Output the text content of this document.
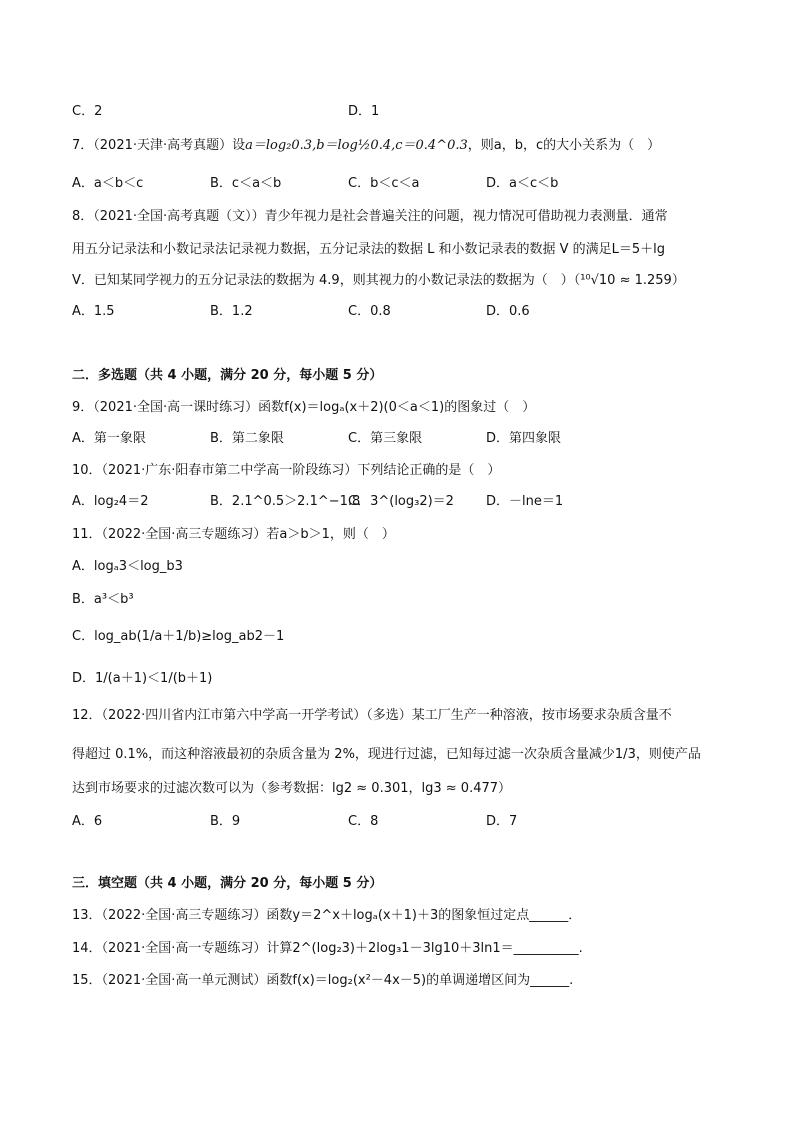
C．2	D．1
7．（2021·天津·高考真题）设a＝log₂0.3,b＝log½0.4,c＝0.4^0.3，则a，b，c的大小关系为（　）
A．a＜b＜c	B．c＜a＜b	C．b＜c＜a	D．a＜c＜b
8．（2021·全国·高考真题（文））青少年视力是社会普遍关注的问题，视力情况可借助视力表测量．通常
用五分记录法和小数记录法记录视力数据，五分记录法的数据 L 和小数记录表的数据 V 的满足L＝5＋lg
V．已知某同学视力的五分记录法的数据为 4.9，则其视力的小数记录法的数据为（　）（¹⁰√10 ≈ 1.259）
A．1.5	B．1.2	C．0.8	D．0.6
二．多选题（共 4 小题，满分 20 分，每小题 5 分）
9．（2021·全国·高一课时练习）函数f(x)＝logₐ(x＋2)(0＜a＜1)的图象过（　）
A．第一象限	B．第二象限	C．第三象限	D．第四象限
10．（2021·广东·阳春市第二中学高一阶段练习）下列结论正确的是（　）
A．log₂4＝2	B．2.1^0.5＞2.1^−1.8
C．3^(log₃2)＝2 D．－lne＝1
11．（2022·全国·高三专题练习）若a＞b＞1，则（　）
A．logₐ3＜log_b3
B．a³＜b³
C．log_ab(1/a＋1/b)≥log_ab2－1
D．1/(a＋1)＜1/(b＋1)
12．（2022·四川省内江市第六中学高一开学考试）（多选）某工厂生产一种溶液，按市场要求杂质含量不
得超过 0.1%，而这种溶液最初的杂质含量为 2%，现进行过滤，已知每过滤一次杂质含量减少1/3，则使产品
达到市场要求的过滤次数可以为（参考数据：lg2 ≈ 0.301，lg3 ≈ 0.477）
A．6	B．9	C．8	D．7
三．填空题（共 4 小题，满分 20 分，每小题 5 分）
13．（2022·全国·高三专题练习）函数y＝2^x＋logₐ(x＋1)＋3的图象恒过定点______．
14．（2021·全国·高一专题练习）计算2^(log₂3)＋2log₃1－3lg10＋3ln1＝__________.
15．（2021·全国·高一单元测试）函数f(x)＝log₂(x²－4x－5)的单调递增区间为______.
